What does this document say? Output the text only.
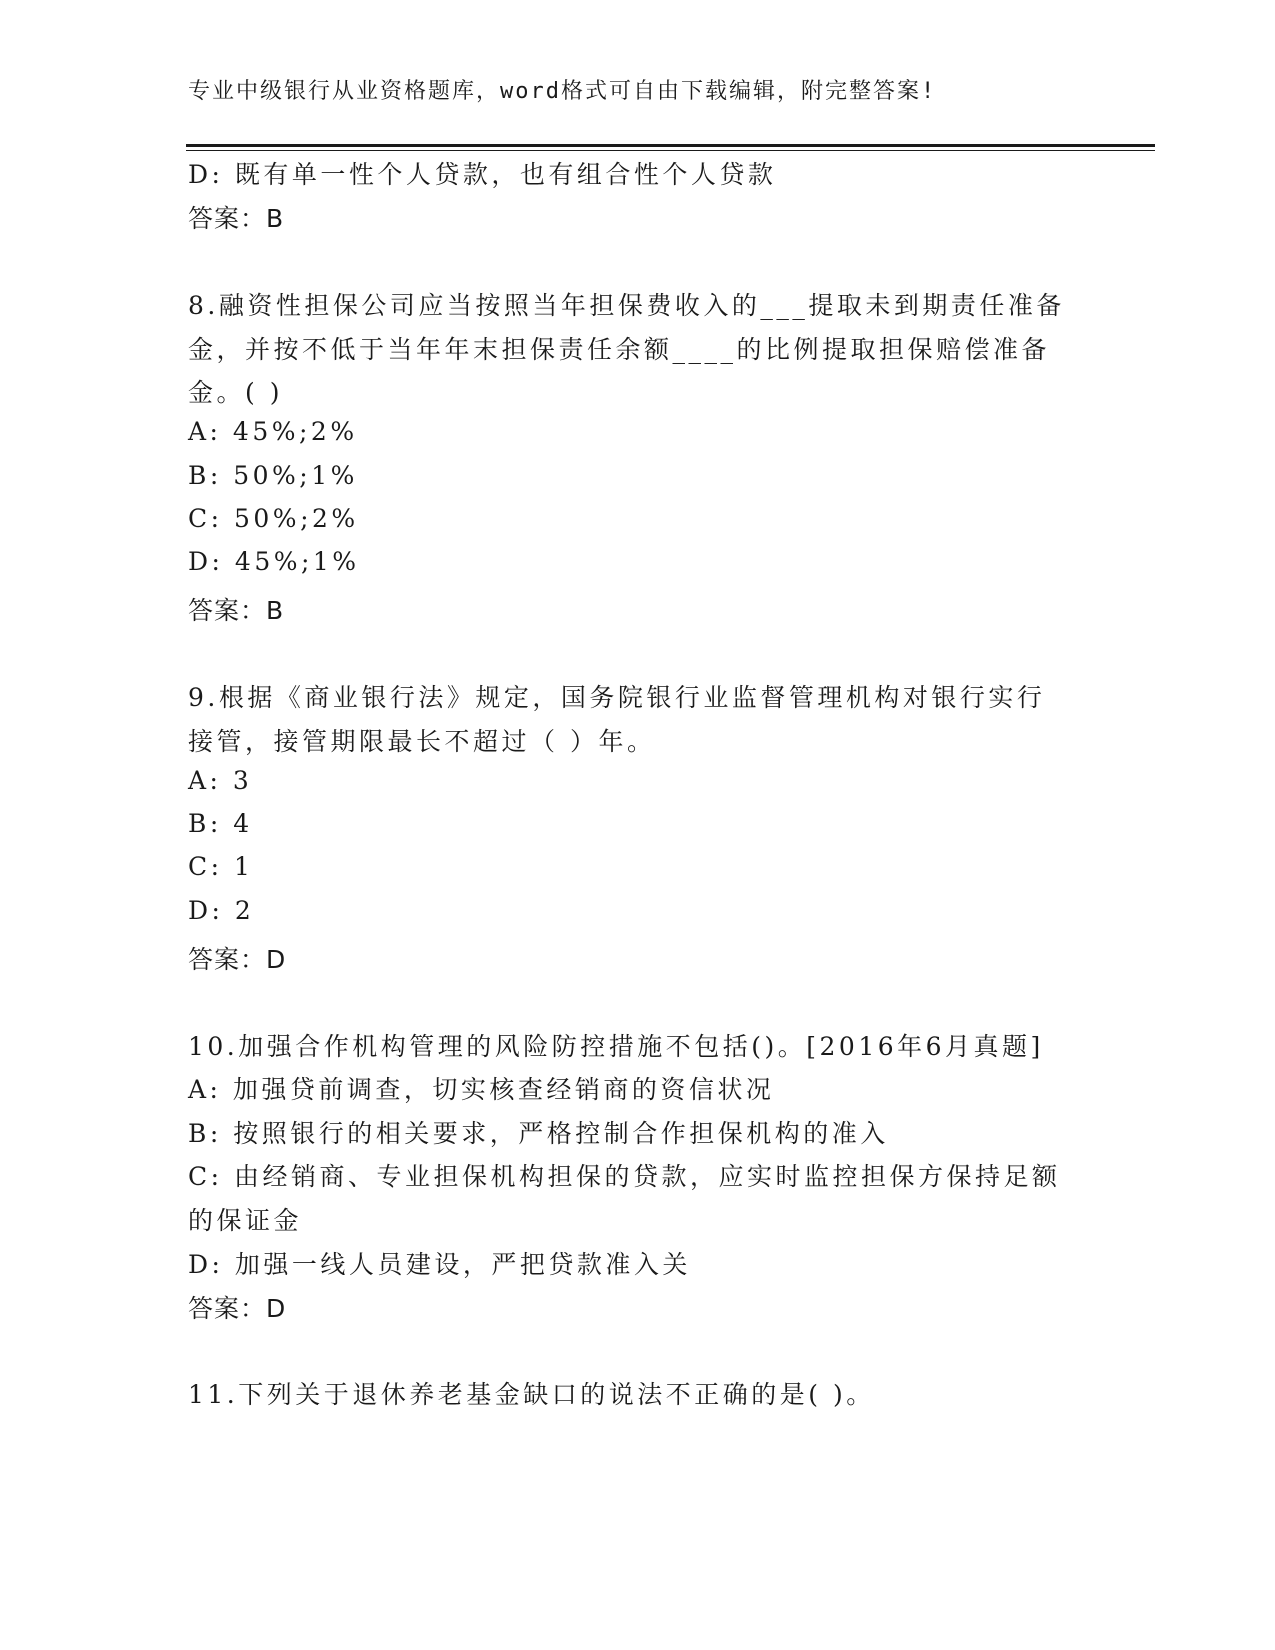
专业中级银行从业资格题库，word格式可自由下载编辑，附完整答案!
D: 既有单一性个人贷款，也有组合性个人贷款
答案：B
8.融资性担保公司应当按照当年担保费收入的___提取未到期责任准备
金，并按不低于当年年末担保责任余额____的比例提取担保赔偿准备
金。( )
A: 45%;2%
B: 50%;1%
C: 50%;2%
D: 45%;1%
答案：B
9.根据《商业银行法》规定，国务院银行业监督管理机构对银行实行
接管，接管期限最长不超过（ ）年。
A: 3
B: 4
C: 1
D: 2
答案：D
10.加强合作机构管理的风险防控措施不包括()。[2016年6月真题]
A: 加强贷前调查，切实核查经销商的资信状况
B: 按照银行的相关要求，严格控制合作担保机构的准入
C: 由经销商、专业担保机构担保的贷款，应实时监控担保方保持足额
的保证金
D: 加强一线人员建设，严把贷款准入关
答案：D
11.下列关于退休养老基金缺口的说法不正确的是( )。
